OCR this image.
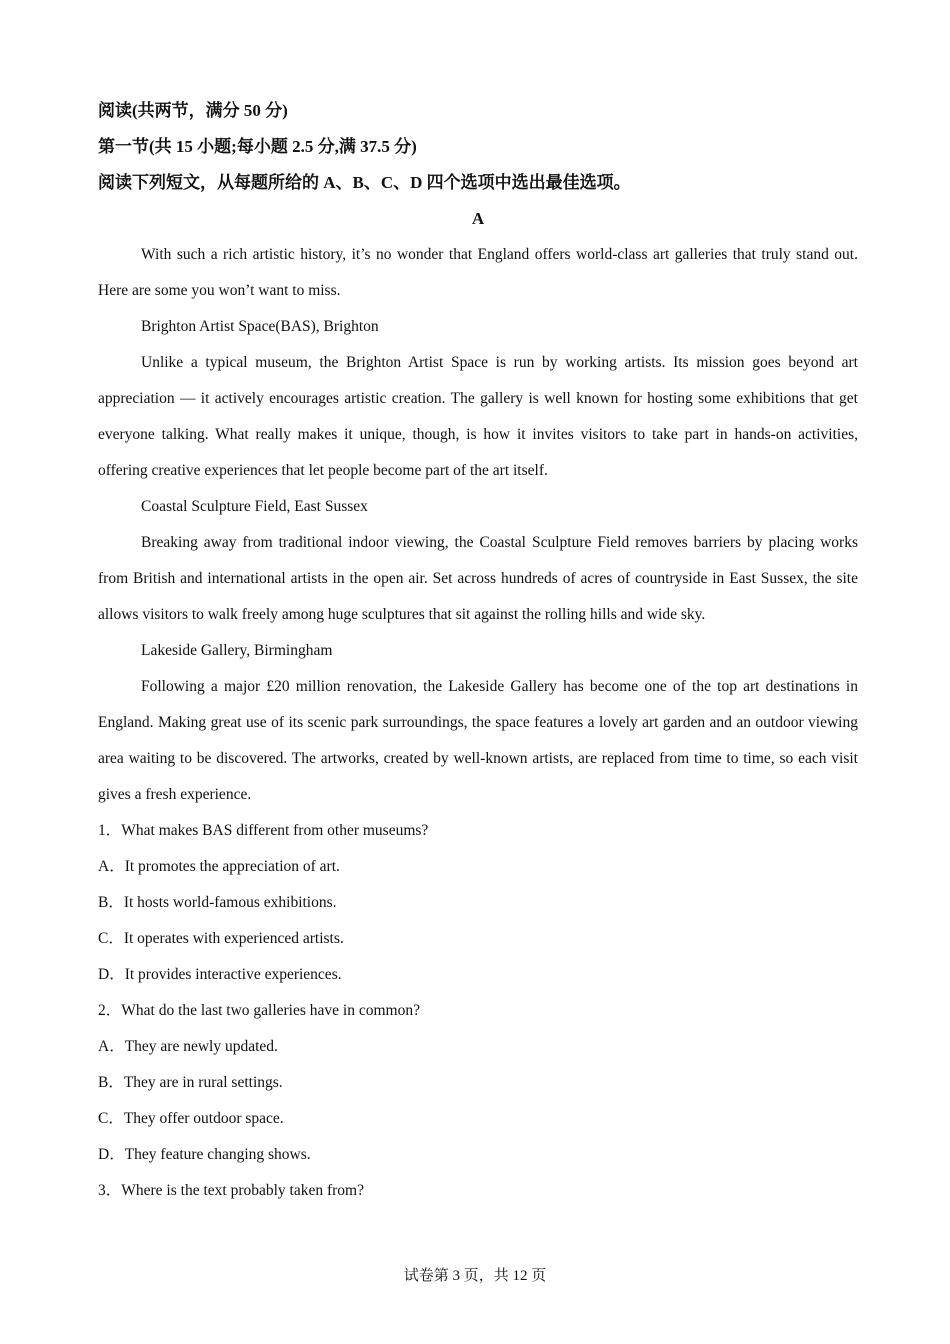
阅读(共两节，满分 50 分)
第一节(共 15 小题;每小题 2.5 分,满 37.5 分)
阅读下列短文，从每题所给的 A、B、C、D 四个选项中选出最佳选项。
A

With such a rich artistic history, it’s no wonder that England offers world-class art galleries that truly stand out. Here are some you won’t want to miss.

Brighton Artist Space(BAS), Brighton

Unlike a typical museum, the Brighton Artist Space is run by working artists. Its mission goes beyond art appreciation — it actively encourages artistic creation. The gallery is well known for hosting some exhibitions that get everyone talking. What really makes it unique, though, is how it invites visitors to take part in hands-on activities, offering creative experiences that let people become part of the art itself.

Coastal Sculpture Field, East Sussex

Breaking away from traditional indoor viewing, the Coastal Sculpture Field removes barriers by placing works from British and international artists in the open air. Set across hundreds of acres of countryside in East Sussex, the site allows visitors to walk freely among huge sculptures that sit against the rolling hills and wide sky.

Lakeside Gallery, Birmingham

Following a major £20 million renovation, the Lakeside Gallery has become one of the top art destinations in England. Making great use of its scenic park surroundings, the space features a lovely art garden and an outdoor viewing area waiting to be discovered. The artworks, created by well-known artists, are replaced from time to time, so each visit gives a fresh experience.

1．What makes BAS different from other museums?
A．It promotes the appreciation of art.
B．It hosts world-famous exhibitions.
C．It operates with experienced artists.
D．It provides interactive experiences.
2．What do the last two galleries have in common?
A．They are newly updated.
B．They are in rural settings.
C．They offer outdoor space.
D．They feature changing shows.
3．Where is the text probably taken from?
试卷第 3 页，共 12 页
